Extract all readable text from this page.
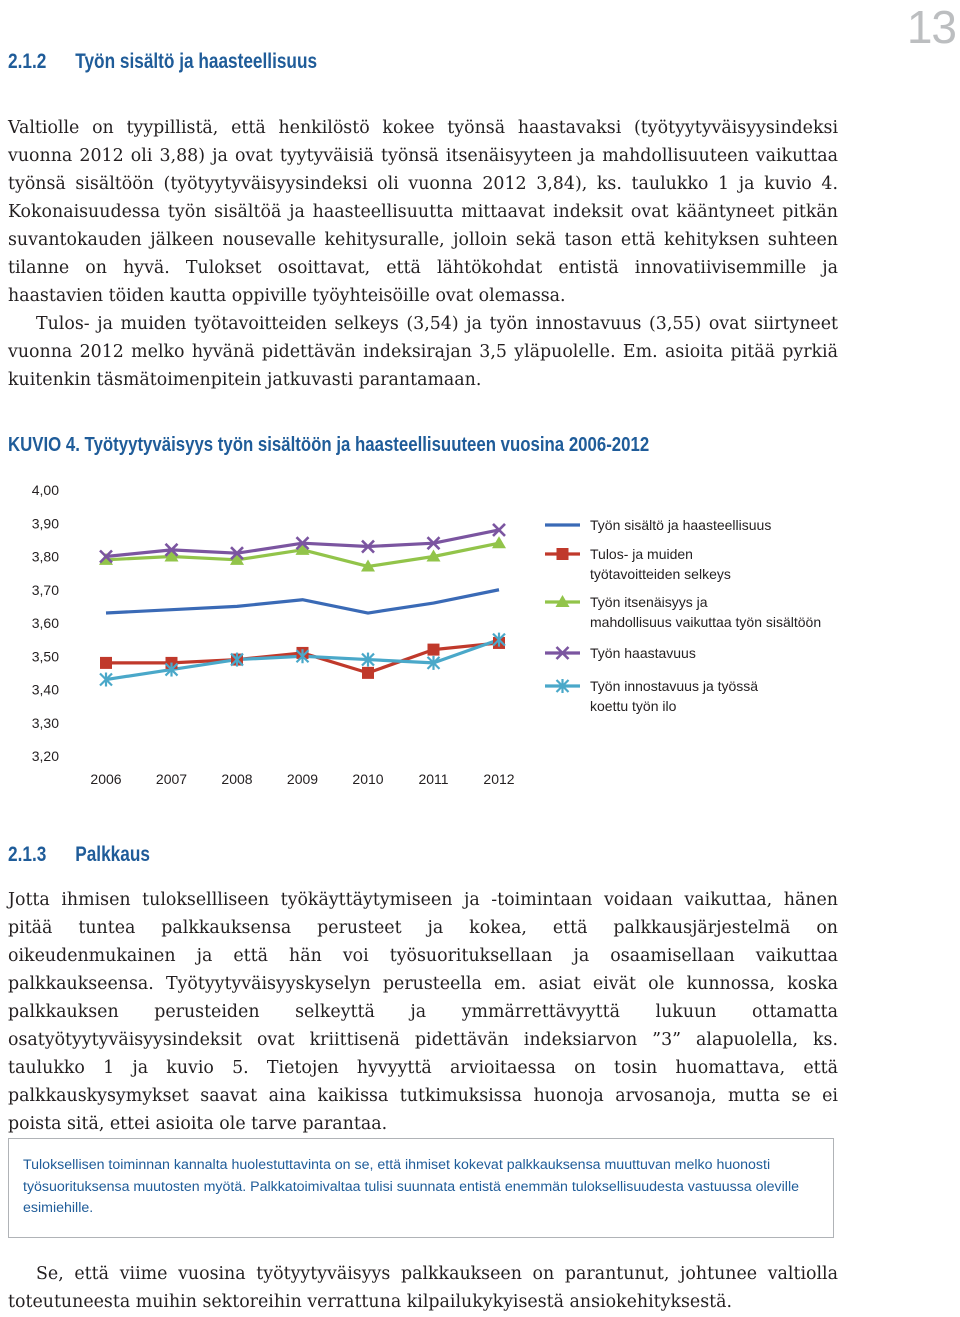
13
2.1.2 Työn sisältö ja haasteellisuus

Valtiolle on tyypillistä, että henkilöstö kokee työnsä haastavaksi (työtyytyväisyysindeksi vuonna 2012 oli 3,88) ja ovat tyytyväisiä työnsä itsenäisyyteen ja mahdollisuuteen vaikuttaa työnsä sisältöön (työtyytyväisyysindeksi oli vuonna 2012 3,84), ks. taulukko 1 ja kuvio 4. Kokonaisuudessa työn sisältöä ja haasteellisuutta mittaavat indeksit ovat kääntyneet pitkän suvantokauden jälkeen nousevalle kehitysuralle, jolloin sekä tason että kehityksen suhteen tilanne on hyvä. Tulokset osoittavat, että lähtökohdat entistä innovatiivisemmille ja haastavien töiden kautta oppiville työyhteisöille ovat olemassa.

Tulos- ja muiden työtavoitteiden selkeys (3,54) ja työn innostavuus (3,55) ovat siirtyneet vuonna 2012 melko hyvänä pidettävän indeksirajan 3,5 yläpuolelle. Em. asioita pitää pyrkiä kuitenkin täsmätoimenpitein jatkuvasti parantamaan.

KUVIO 4. Työtyytyväisyys työn sisältöön ja haasteellisuuteen vuosina 2006-2012
3,20
3,30
3,40
3,50
3,60
3,70
3,80
3,90
4,00
2006 2007 2008 2009 2010 2011 2012
Työn sisältö ja haasteellisuus
Tulos- ja muiden työtavoitteiden selkeys
Työn itsenäisyys ja mahdollisuus vaikuttaa työn sisältöön
Työn haastavuus
Työn innostavuus ja työssä koettu työn ilo
2.1.3 Palkkaus

Jotta ihmisen tuloksellliseen työkäyttäytymiseen ja -toimintaan voidaan vaikuttaa, hänen pitää tuntea palkkauksensa perusteet ja kokea, että palkkausjärjestelmä on oikeudenmukainen ja että hän voi työsuorituksellaan ja osaamisellaan vaikuttaa palkkaukseensa. Työtyytyväisyyskyselyn perusteella em. asiat eivät ole kunnossa, koska palkkauksen perusteiden selkeyttä ja ymmärrettävyyttä lukuun ottamatta osatyötyytyväisyysindeksit ovat kriittisenä pidettävän indeksiarvon ”3” alapuolella, ks. taulukko 1 ja kuvio 5. Tietojen hyvyyttä arvioitaessa on tosin huomattava, että palkkauskysymykset saavat aina kaikissa tutkimuksissa huonoja arvosanoja, mutta se ei poista sitä, ettei asioita ole tarve parantaa.

Tuloksellisen toiminnan kannalta huolestuttavinta on se, että ihmiset kokevat palkkauksensa muuttuvan melko huonosti työsuorituksensa muutosten myötä. Palkkatoimivaltaa tulisi suunnata entistä enemmän tuloksellisuudesta vastuussa oleville esimiehille.

Se, että viime vuosina työtyytyväisyys palkkaukseen on parantunut, johtunee valtiolla toteutuneesta muihin sektoreihin verrattuna kilpailukykyisestä ansiokehityksestä.
